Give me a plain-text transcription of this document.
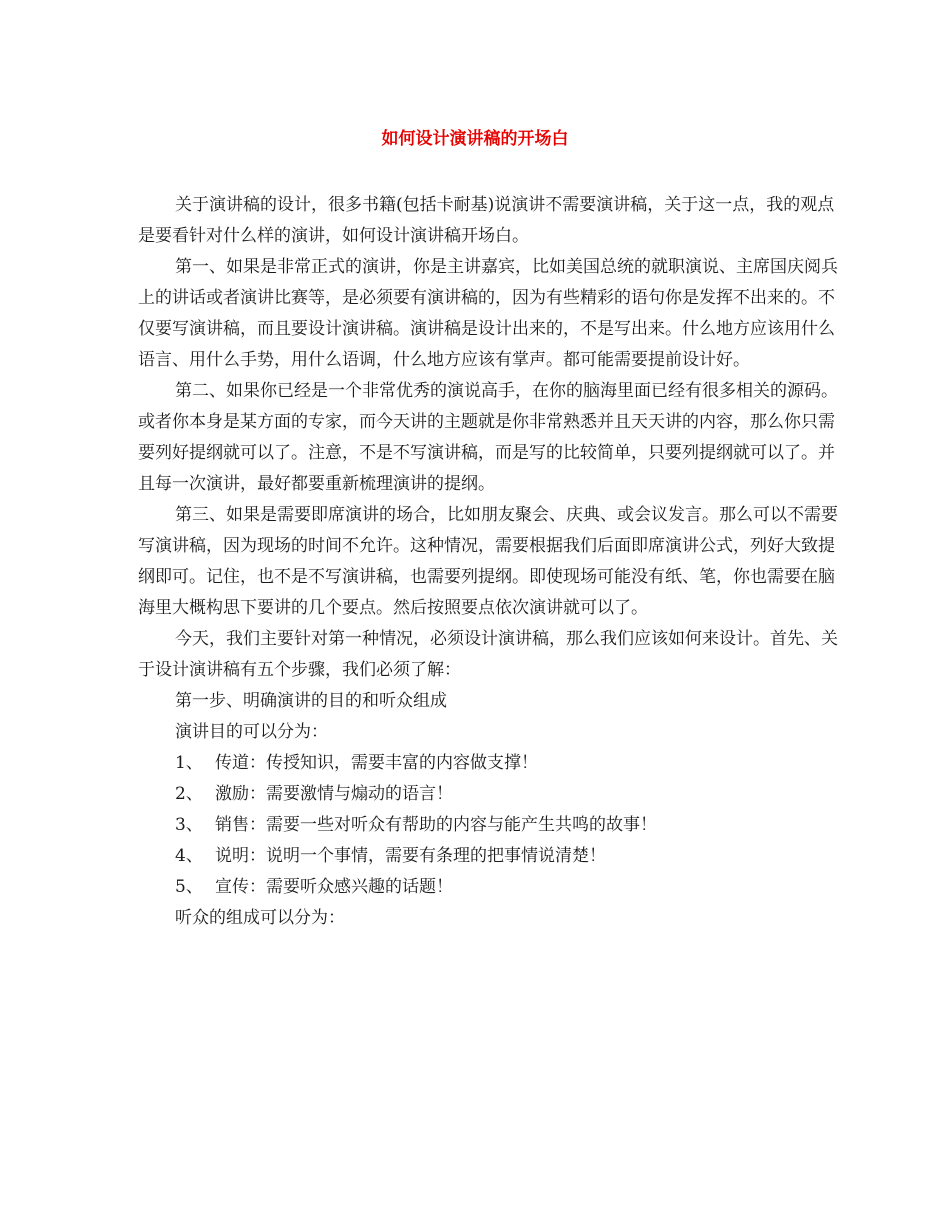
如何设计演讲稿的开场白

关于演讲稿的设计，很多书籍(包括卡耐基)说演讲不需要演讲稿，关于这一点，我的观点是要看针对什么样的演讲，如何设计演讲稿开场白。

第一、如果是非常正式的演讲，你是主讲嘉宾，比如美国总统的就职演说、主席国庆阅兵上的讲话或者演讲比赛等，是必须要有演讲稿的，因为有些精彩的语句你是发挥不出来的。不仅要写演讲稿，而且要设计演讲稿。演讲稿是设计出来的，不是写出来。什么地方应该用什么语言、用什么手势，用什么语调，什么地方应该有掌声。都可能需要提前设计好。

第二、如果你已经是一个非常优秀的演说高手，在你的脑海里面已经有很多相关的源码。或者你本身是某方面的专家，而今天讲的主题就是你非常熟悉并且天天讲的内容，那么你只需要列好提纲就可以了。注意，不是不写演讲稿，而是写的比较简单，只要列提纲就可以了。并且每一次演讲，最好都要重新梳理演讲的提纲。

第三、如果是需要即席演讲的场合，比如朋友聚会、庆典、或会议发言。那么可以不需要写演讲稿，因为现场的时间不允许。这种情况，需要根据我们后面即席演讲公式，列好大致提纲即可。记住，也不是不写演讲稿，也需要列提纲。即使现场可能没有纸、笔，你也需要在脑海里大概构思下要讲的几个要点。然后按照要点依次演讲就可以了。

今天，我们主要针对第一种情况，必须设计演讲稿，那么我们应该如何来设计。首先、关于设计演讲稿有五个步骤，我们必须了解：

第一步、明确演讲的目的和听众组成

演讲目的可以分为：

1、 传道：传授知识，需要丰富的内容做支撑！

2、 激励：需要激情与煽动的语言！

3、 销售：需要一些对听众有帮助的内容与能产生共鸣的故事！

4、 说明：说明一个事情，需要有条理的把事情说清楚！

5、 宣传：需要听众感兴趣的话题！

听众的组成可以分为：
